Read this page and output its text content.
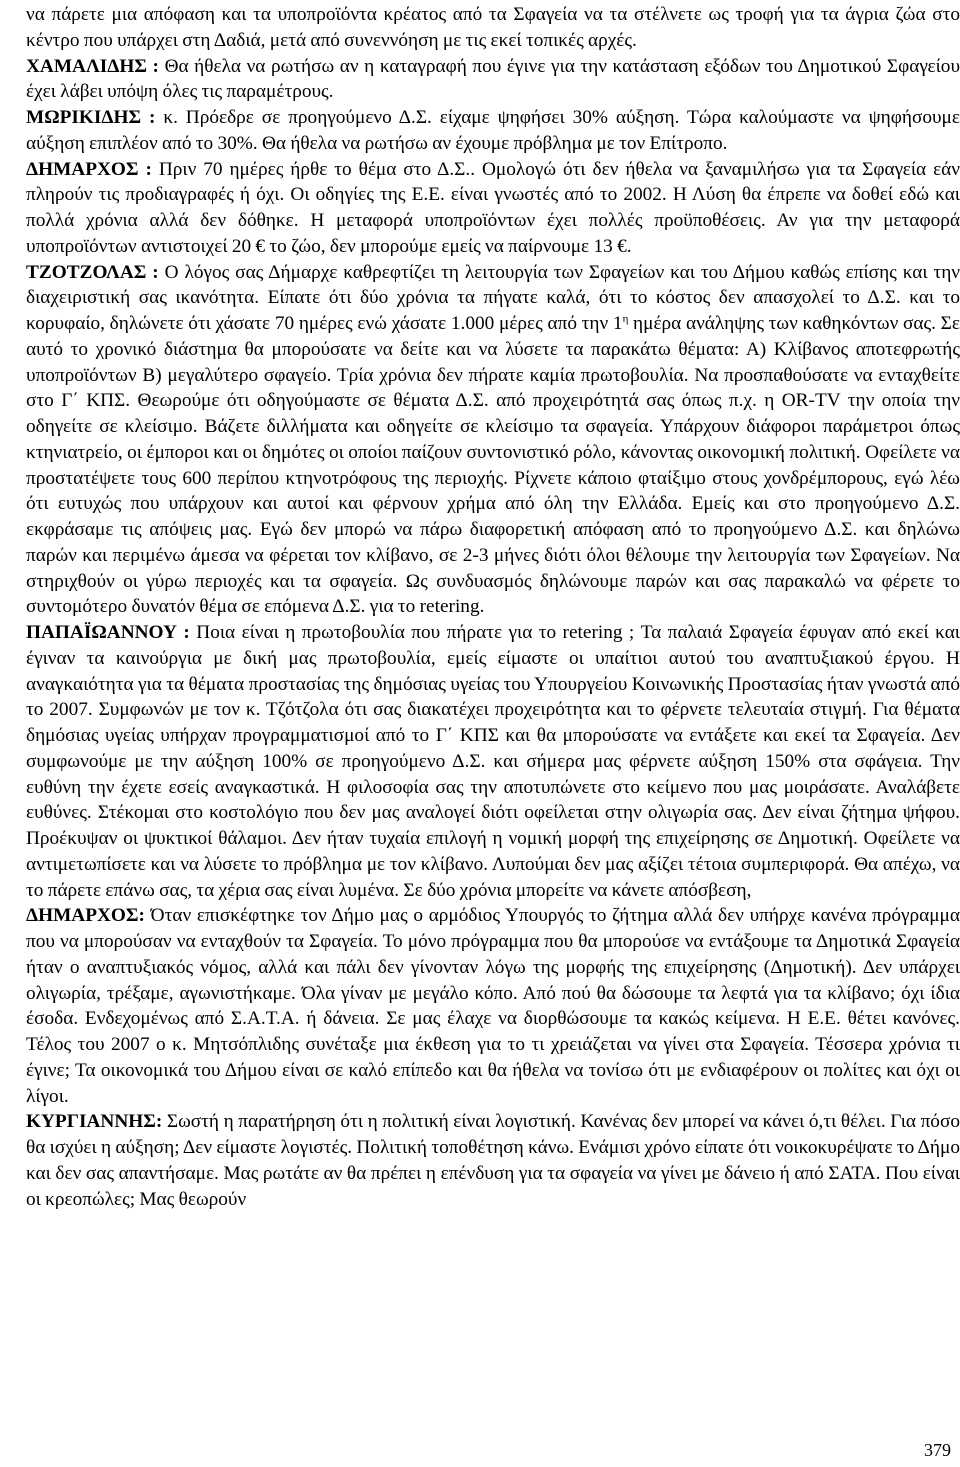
να πάρετε μια απόφαση και τα υποπροϊόντα κρέατος από τα Σφαγεία να τα στέλνετε ως τροφή για τα άγρια ζώα στο κέντρο που υπάρχει στη Δαδιά, μετά από συνεννόηση με τις εκεί τοπικές αρχές.

ΧΑΜΑΛΙΔΗΣ : Θα ήθελα να ρωτήσω αν η καταγραφή που έγινε για την κατάσταση εξόδων του Δημοτικού Σφαγείου έχει λάβει υπόψη όλες τις παραμέτρους.

ΜΩΡΙΚΙΔΗΣ : κ. Πρόεδρε σε προηγούμενο Δ.Σ. είχαμε ψηφήσει 30% αύξηση. Τώρα καλούμαστε να ψηφήσουμε αύξηση επιπλέον από το 30%. Θα ήθελα να ρωτήσω αν έχουμε πρόβλημα με τον Επίτροπο.

ΔΗΜΑΡΧΟΣ : Πριν 70 ημέρες ήρθε το θέμα στο Δ.Σ.. Ομολογώ ότι δεν ήθελα να ξαναμιλήσω για τα Σφαγεία εάν πληρούν τις προδιαγραφές ή όχι. Οι οδηγίες της Ε.Ε. είναι γνωστές από το 2002. Η Λύση θα έπρεπε να δοθεί εδώ και πολλά χρόνια αλλά δεν δόθηκε. Η μεταφορά υποπροϊόντων έχει πολλές προϋποθέσεις. Αν για την μεταφορά υποπροϊόντων αντιστοιχεί 20 € το ζώο, δεν μπορούμε εμείς να παίρνουμε 13 €.

ΤΖΟΤΖΟΛΑΣ : Ο λόγος σας Δήμαρχε καθρεφτίζει τη λειτουργία των Σφαγείων και του Δήμου καθώς επίσης και την διαχειριστική σας ικανότητα. Είπατε ότι δύο χρόνια τα πήγατε καλά, ότι το κόστος δεν απασχολεί το Δ.Σ. και το κορυφαίο, δηλώνετε ότι χάσατε 70 ημέρες ενώ χάσατε 1.000 μέρες από την $1^\eta$ ημέρα ανάληψης των καθηκόντων σας. Σε αυτό το χρονικό διάστημα θα μπορούσατε να δείτε και να λύσετε τα παρακάτω θέματα: Α) Κλίβανος αποτεφρωτής υποπροϊόντων Β) μεγαλύτερο σφαγείο. Τρία χρόνια δεν πήρατε καμία πρωτοβουλία. Να προσπαθούσατε να ενταχθείτε στο Γ΄ ΚΠΣ. Θεωρούμε ότι οδηγούμαστε σε θέματα Δ.Σ. από προχειρότητά σας όπως π.χ. η OR-TV την οποία την οδηγείτε σε κλείσιμο. Βάζετε διλλήματα και οδηγείτε σε κλείσιμο τα σφαγεία. Υπάρχουν διάφοροι παράμετροι όπως κτηνιατρείο, οι έμποροι και οι δημότες οι οποίοι παίζουν συντονιστικό ρόλο, κάνοντας οικονομική πολιτική. Οφείλετε να προστατέψετε τους 600 περίπου κτηνοτρόφους της περιοχής. Ρίχνετε κάποιο φταίξιμο στους χονδρέμπορους, εγώ λέω ότι ευτυχώς που υπάρχουν και αυτοί και φέρνουν χρήμα από όλη την Ελλάδα. Εμείς και στο προηγούμενο Δ.Σ. εκφράσαμε τις απόψεις μας. Εγώ δεν μπορώ να πάρω διαφορετική απόφαση από το προηγούμενο Δ.Σ. και δηλώνω παρών και περιμένω άμεσα να φέρεται τον κλίβανο, σε 2-3 μήνες διότι όλοι θέλουμε την λειτουργία των Σφαγείων. Να στηριχθούν οι γύρω περιοχές και τα σφαγεία. Ως συνδυασμός δηλώνουμε παρών και σας παρακαλώ να φέρετε το συντομότερο δυνατόν θέμα σε επόμενα Δ.Σ. για το retering.

ΠΑΠΑΪΩΑΝΝΟΥ : Ποια είναι η πρωτοβουλία που πήρατε για το retering ; Τα παλαιά Σφαγεία έφυγαν από εκεί και έγιναν τα καινούργια με δική μας πρωτοβουλία, εμείς είμαστε οι υπαίτιοι αυτού του αναπτυξιακού έργου. Η αναγκαιότητα για τα θέματα προστασίας της δημόσιας υγείας του Υπουργείου Κοινωνικής Προστασίας ήταν γνωστά από το 2007. Συμφωνών με τον κ. Τζότζολα ότι σας διακατέχει προχειρότητα και το φέρνετε τελευταία στιγμή. Για θέματα δημόσιας υγείας υπήρχαν προγραμματισμοί από το Γ΄ ΚΠΣ και θα μπορούσατε να εντάξετε και εκεί τα Σφαγεία. Δεν συμφωνούμε με την αύξηση 100% σε προηγούμενο Δ.Σ. και σήμερα μας φέρνετε αύξηση 150% στα σφάγεια. Την ευθύνη την έχετε εσείς αναγκαστικά. Η φιλοσοφία σας την αποτυπώνετε στο κείμενο που μας μοιράσατε. Αναλάβετε ευθύνες. Στέκομαι στο κοστολόγιο που δεν μας αναλογεί διότι οφείλεται στην ολιγωρία σας. Δεν είναι ζήτημα ψήφου. Προέκυψαν οι ψυκτικοί θάλαμοι. Δεν ήταν τυχαία επιλογή η νομική μορφή της επιχείρησης σε Δημοτική. Οφείλετε να αντιμετωπίσετε και να λύσετε το πρόβλημα με τον κλίβανο. Λυπούμαι δεν μας αξίζει τέτοια συμπεριφορά. Θα απέχω, να το πάρετε επάνω σας, τα χέρια σας είναι λυμένα. Σε δύο χρόνια μπορείτε να κάνετε απόσβεση,

ΔΗΜΑΡΧΟΣ: Όταν επισκέφτηκε τον Δήμο μας ο αρμόδιος Υπουργός το ζήτημα αλλά δεν υπήρχε κανένα πρόγραμμα που να μπορούσαν να ενταχθούν τα Σφαγεία. Το μόνο πρόγραμμα που θα μπορούσε να εντάξουμε τα Δημοτικά Σφαγεία ήταν ο αναπτυξιακός νόμος, αλλά και πάλι δεν γίνονταν λόγω της μορφής της επιχείρησης (Δημοτική). Δεν υπάρχει ολιγωρία, τρέξαμε, αγωνιστήκαμε. Όλα γίναν με μεγάλο κόπο. Από πού θα δώσουμε τα λεφτά για τα κλίβανο; όχι ίδια έσοδα. Ενδεχομένως από Σ.Α.Τ.Α. ή δάνεια. Σε μας έλαχε να διορθώσουμε τα κακώς κείμενα. Η Ε.Ε. θέτει κανόνες. Τέλος του 2007 ο κ. Μητσόπλιδης συνέταξε μια έκθεση για το τι χρειάζεται να γίνει στα Σφαγεία. Τέσσερα χρόνια τι έγινε; Τα οικονομικά του Δήμου είναι σε καλό επίπεδο και θα ήθελα να τονίσω ότι με ενδιαφέρουν οι πολίτες και όχι οι λίγοι.

ΚΥΡΓΙΑΝΝΗΣ: Σωστή η παρατήρηση ότι η πολιτική είναι λογιστική. Κανένας δεν μπορεί να κάνει ό,τι θέλει. Για πόσο θα ισχύει η αύξηση; Δεν είμαστε λογιστές. Πολιτική τοποθέτηση κάνω. Ενάμισι χρόνο είπατε ότι νοικοκυρέψατε το Δήμο και δεν σας απαντήσαμε. Μας ρωτάτε αν θα πρέπει η επένδυση για τα σφαγεία να γίνει με δάνειο ή από ΣΑΤΑ. Που είναι οι κρεοπώλες; Μας θεωρούν

379
